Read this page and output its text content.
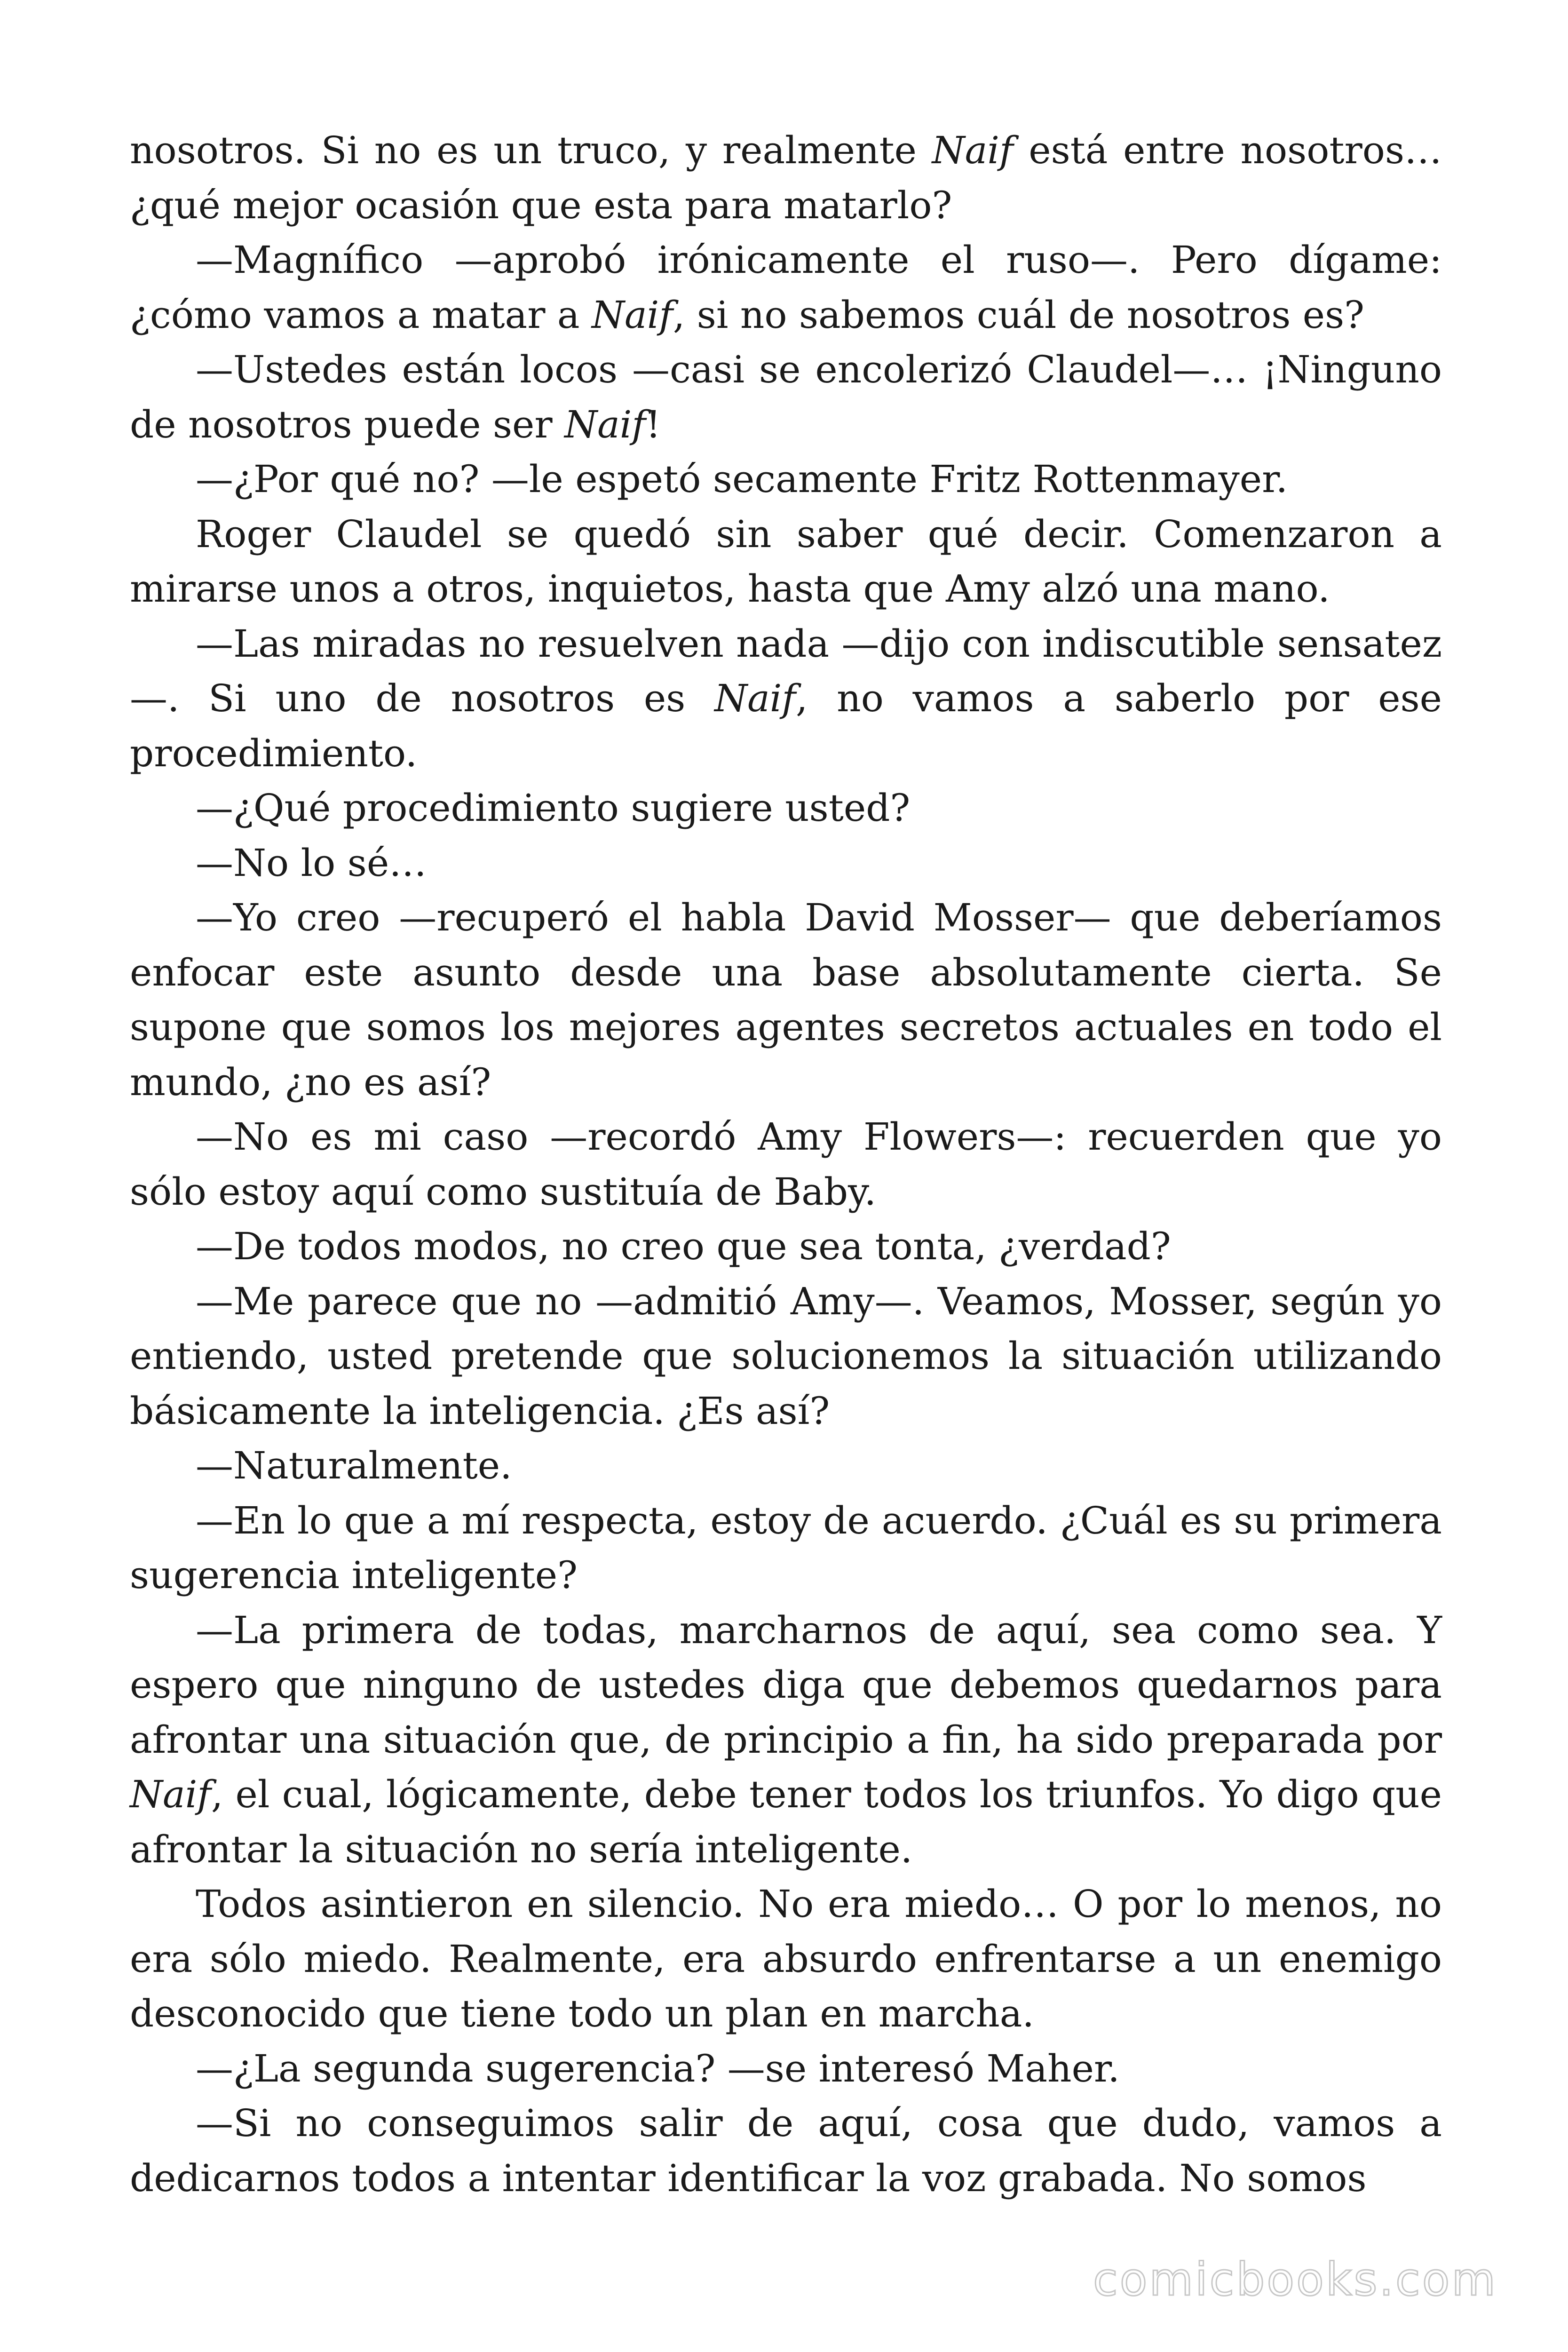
nosotros. Si no es un truco, y realmente Naif está entre nosotros… ¿qué mejor ocasión que esta para matarlo?

—Magnífico —aprobó irónicamente el ruso—. Pero dígame: ¿cómo vamos a matar a Naif, si no sabemos cuál de nosotros es?

—Ustedes están locos —casi se encolerizó Claudel—… ¡Ninguno de nosotros puede ser Naif!

—¿Por qué no? —le espetó secamente Fritz Rottenmayer.

Roger Claudel se quedó sin saber qué decir. Comenzaron a mirarse unos a otros, inquietos, hasta que Amy alzó una mano.

—Las miradas no resuelven nada —dijo con indiscutible sensatez—. Si uno de nosotros es Naif, no vamos a saberlo por ese procedimiento.

—¿Qué procedimiento sugiere usted?

—No lo sé…

—Yo creo —recuperó el habla David Mosser— que deberíamos enfocar este asunto desde una base absolutamente cierta. Se supone que somos los mejores agentes secretos actuales en todo el mundo, ¿no es así?

—No es mi caso —recordó Amy Flowers—: recuerden que yo sólo estoy aquí como sustituía de Baby.

—De todos modos, no creo que sea tonta, ¿verdad?

—Me parece que no —admitió Amy—. Veamos, Mosser, según yo entiendo, usted pretende que solucionemos la situación utilizando básicamente la inteligencia. ¿Es así?

—Naturalmente.

—En lo que a mí respecta, estoy de acuerdo. ¿Cuál es su primera sugerencia inteligente?

—La primera de todas, marcharnos de aquí, sea como sea. Y espero que ninguno de ustedes diga que debemos quedarnos para afrontar una situación que, de principio a fin, ha sido preparada por Naif, el cual, lógicamente, debe tener todos los triunfos. Yo digo que afrontar la situación no sería inteligente.

Todos asintieron en silencio. No era miedo… O por lo menos, no era sólo miedo. Realmente, era absurdo enfrentarse a un enemigo desconocido que tiene todo un plan en marcha.

—¿La segunda sugerencia? —se interesó Maher.

—Si no conseguimos salir de aquí, cosa que dudo, vamos a dedicarnos todos a intentar identificar la voz grabada. No somos

comicbooks.com
